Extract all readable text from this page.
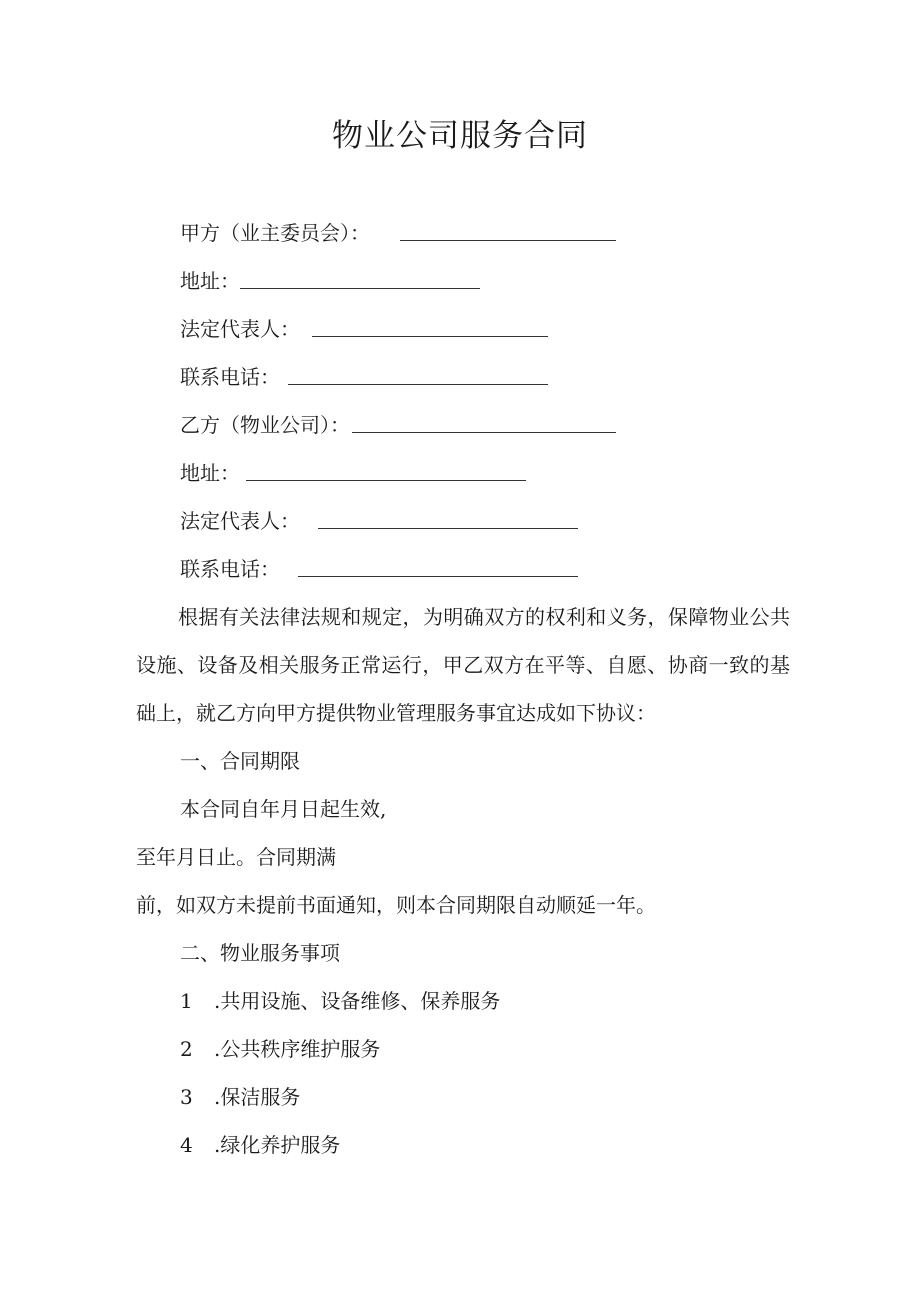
物业公司服务合同
甲方（业主委员会）：
地址：
法定代表人：
联系电话：
乙方（物业公司）：
地址：
法定代表人：
联系电话：
根据有关法律法规和规定，为明确双方的权利和义务，保障物业公共设施、设备及相关服务正常运行，甲乙双方在平等、自愿、协商一致的基础上，就乙方向甲方提供物业管理服务事宜达成如下协议：
一、合同期限
本合同自年月日起生效,
至年月日止。合同期满
前，如双方未提前书面通知，则本合同期限自动顺延一年。
二、物业服务事项
1 .共用设施、设备维修、保养服务
2 .公共秩序维护服务
3 .保洁服务
4 .绿化养护服务
